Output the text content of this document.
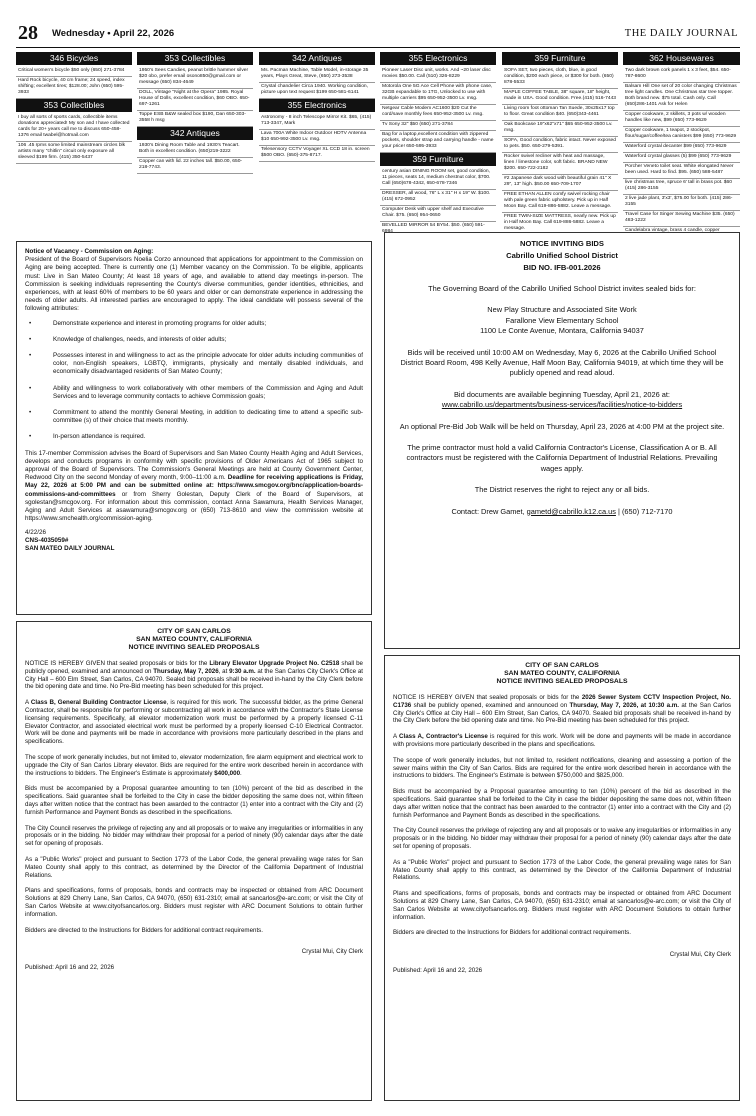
28 Wednesday • April 22, 2026	THE DAILY JOURNAL
346 Bicycles
Critical women's bicycle $50 only (650) 271-3784
Hard Rock bicycle, 40 cm frame; 24 speed, index shifting; excellent tires; $128.00; John (650) 595-3933
353 Collectibles
I buy all sorts of sports cards, collectible items donations appreciated! My son and I have collected cards for 20+ years call me to discuss 650-458-1376 email twabel@hotmail.com
106 .45 rpms some limited mainstream circles blk artists many "chitlin" circuit only exposure all sleeved $199 firm. (415) 350-5437
353 Collectibles
1950's Sees Candies, peanut brittle hammer silver $20 obo, prefer email osono850@gmail.com or message (650) 834-4649
DOLL, Vintage "Night at the Opera" 1985. Royal House of Dolls, excellent condition, $60 OBO. 650-697-1261
Toppe ESB B&W sealed box $190, Dan 650-303-3558 h msg
342 Antiques
1930's Dining Room Table and 1930's Teacart. Both in excellent condition. (650)219-3222
Copper can with lid. 22 inches tall. $50.00, 650-218-7743.
342 Antiques
Ms. Pacman Machine, Table Model, in-storage 35 years, Plays Great, Steve, (650) 273-3538
Crystal chandelier Circa 1940. Working condition, picture upon text request $199 650-581-6141
355 Electronics
Astronomy - 8 inch Telescope Mirror Kit. $65, (415) 713-3347, Mark
Lava 700A White Indoor Outdoor HDTV Antenna $10 650-992-3500 Lv. msg.
Telesensory CCTV Voyager XL CCD 18 in. screen $500 OBO. (650)-375-8717.
355 Electronics
Pioneer Laser Disc unit, works. And ~20 laser disc movies $50.00. Call (510) 326-8229
Motorola One 5G Ace Cell Phone with phone case, 32GB expandable to 1TG, Unlocked to use with multiple carriers $95 650-952-3500 Lv. msg.
Netgear Cable Modem AC1600 $20 Cut the cord/save monthly fees 650-952-3500 Lv. msg.
Tv Sony 32" $50 (650) 271-3784
Bag for a laptop,excellent condition with zippered pockets, shoulder strap and carrying handle - name your price! 650-595-3933
359 Furniture
century asian DINING ROOM set, good condition, 11 pieces, seats 14, medium chestnut color, $700. Call (650)678-4342, 650-678-7346
DRESSER, all wood, 76" L x 31" H x 19" W. $100. (415) 672-0952
Computer Desk with upper shelf and Executive Chair. $75. (650) 954-0650
BEVELLED MIRROR 54 BY54. $50. (650) 591-6984
359 Furniture
SOFA SET, two pieces, cloth, blue, in good condition, $200 each piece, or $300 for both. (650) 878-5533
MAPLE COFFEE TABLE, 38" square, 18" height, made in USA. Good condition. Free.(415) 516-7443
Living room foot ottoman Tan Suede, 30x25x17 top to floor. Great condition $40. (650)343-4461
Oak Bookcase 19"x62"x71" $65 650-952-3500 Lv. msg.
SOFA, Good condition, fabric intact. Never exposed to pets. $50. 650-279-5391.
Rocker swivel recliner with heat and massage, linen / limestone color, soft fabric. BRAND NEW $200. 650-722-2182
#2 Japanese dark wood with beautiful grain 41" X 29", 13" high. $50.00 650-709-1707
FREE ETHAN ALLEN comfy swivel rocking chair with pale green fabric upholstery. Pick up in Half Moon Bay. Call 619-886-5882. Leave a message.
FREE TWIN-SIZE MATTRESS, nearly new. Pick up in Half Moon Bay. Call 619-886-5882. Leave a message.
362 Housewares
Two dark brown cork panels 1 x 3 feet, $54. 650-787-8600
Balsam Hill One set of 20 color changing Christmas tree light candles. One Christmas star tree topper. Both brand new. $75 total. Cash only. Call (650)286-1401 Ask for Helen
Copper cookware, 2 skillets, 3 pots w/ wooden handles like new, $99 (650) 773-9629
Copper cookware, 1 teapot, 2 stockpot, flour/sugar/coffee/tea canisters $99 (650) 773-9629
Waterford crystal decanter $99 (650) 773-9629
Waterford crystal glasses (5) $99 (650) 773-9629
Porcher Veneto toilet seat. White elongated Never been used. Hard to find. $95. (650) 588-5487
live christmas tree, spruce 6' tall in brass pot. $60 (415) 286-3155
2 live jade plant, 3'x3', $75.00 for both. (415) 286-3155
Travel Case for Singer Sewing Machine $35. (650) 483-1222
Candelabra vintage, brass 4 candle, copper

Notice of Vacancy - Commission on Aging:
President of the Board of Supervisors Noelia Corzo announced that applications for appointment to the Commission on Aging are being accepted. There is currently one (1) Member vacancy on the Commission. To be eligible, applicants must: Live in San Mateo County; At least 18 years of age, and available to attend day meetings in-person. The Commission is seeking individuals representing the County's diverse communities, gender identities, ethnicities, and experiences, with at least 60% of members to be 60 years and older or can demonstrate experience in addressing the needs of older adults. All interested parties are encouraged to apply. The ideal candidate will possess several of the following attributes:

• Demonstrate experience and interest in promoting programs for older adults;
• Knowledge of challenges, needs, and interests of older adults;
• Possesses interest in and willingness to act as the principle advocate for older adults including communities of color, non-English speakers, LGBTQ, immigrants, physically and mentally disabled individuals, and economically disadvantaged residents of San Mateo County;
• Ability and willingness to work collaboratively with other members of the Commission and Aging and Adult Services and to leverage community contacts to achieve Commission goals;
• Commitment to attend the monthly General Meeting, in addition to dedicating time to attend a specific sub-committee (s) of their choice that meets monthly.
• In-person attendance is required.

This 17-member Commission advises the Board of Supervisors and San Mateo County Health Aging and Adult Services, develops and conducts programs in conformity with specific provisions of Older Americans Act of 1965 subject to approval of the Board of Supervisors. The Commission's General Meetings are held at County Government Center, Redwood City on the second Monday of every month, 9:00–11:00 a.m. Deadline for receiving applications is Friday, May 22, 2026 at 5:00 PM and can be submitted online at: https://www.smcgov.org/bnc/application-boards-commissions-and-committees or from Sherry Golestan, Deputy Clerk of the Board of Supervisors, at sgolestan@smcgov.org. For information about this commission, contact Anna Sawamura, Health Services Manager, Aging and Adult Services at asawamura@smcgov.org or (650) 713-8610 and view the commission website at https://www.smchealth.org/commission-aging.

4/22/26
CNS-4035059#
SAN MATEO DAILY JOURNAL
NOTICE INVITING BIDS
Cabrillo Unified School District
BID NO. IFB-001.2026

The Governing Board of the Cabrillo Unified School District invites sealed bids for:

New Play Structure and Associated Site Work
Farallone View Elementary School
1100 Le Conte Avenue, Montara, California 94037

Bids will be received until 10:00 AM on Wednesday, May 6, 2026 at the Cabrillo Unified School District Board Room, 498 Kelly Avenue, Half Moon Bay, California 94019, at which time they will be publicly opened and read aloud.

Bid documents are available beginning Tuesday, April 21, 2026 at:
www.cabrillo.us/departments/business-services/facilities/notice-to-bidders

An optional Pre-Bid Job Walk will be held on Thursday, April 23, 2026 at 4:00 PM at the project site.

The prime contractor must hold a valid California Contractor's License, Classification A or B. All contractors must be registered with the California Department of Industrial Relations. Prevailing wages apply.

The District reserves the right to reject any or all bids.

Contact: Drew Gamet, gametd@cabrillo.k12.ca.us | (650) 712-7170

CITY OF SAN CARLOS
SAN MATEO COUNTY, CALIFORNIA
NOTICE INVITING SEALED PROPOSALS

NOTICE IS HEREBY GIVEN that sealed proposals or bids for the Library Elevator Upgrade Project No. C2518 shall be publicly opened, examined and announced on Thursday, May 7, 2026, at 9:30 a.m. at the San Carlos City Clerk's Office at City Hall – 600 Elm Street, San Carlos, CA 94070. Sealed bid proposals shall be received in-hand by the City Clerk before the bid opening date and time. No Pre-Bid meeting has been scheduled for this project.

A Class B, General Building Contractor License, is required for this work. The successful bidder, as the prime General Contractor, shall be responsible for performing or subcontracting all work in accordance with the Contractor's State License licensing requirements. Specifically, all elevator modernization work must be performed by a properly licensed C-11 Elevator Contractor, and associated electrical work must be performed by a properly licensed C-10 Electrical Contractor. Work will be done and payments will be made in accordance with provisions more particularly described in the plans and specifications.

The scope of work generally includes, but not limited to, elevator modernization, fire alarm equipment and electrical work to upgrade the City of San Carlos Library elevator. Bids are required for the entire work described herein in accordance with the instructions to bidders. The Engineer's Estimate is approximately $400,000.

Bids must be accompanied by a Proposal guarantee amounting to ten (10%) percent of the bid as described in the specifications. Said guarantee shall be forfeited to the City in case the bidder depositing the same does not, within fifteen days after written notice that the contract has been awarded to the contractor (1) enter into a contract with the City and (2) furnish Performance and Payment Bonds as described in the specifications.

The City Council reserves the privilege of rejecting any and all proposals or to waive any irregularities or informalities in any proposals or in the bidding. No bidder may withdraw their proposal for a period of ninety (90) calendar days after the date set for opening of proposals.

As a "Public Works" project and pursuant to Section 1773 of the Labor Code, the general prevailing wage rates for San Mateo County shall apply to this contract, as determined by the Director of the California Department of Industrial Relations.

Plans and specifications, forms of proposals, bonds and contracts may be inspected or obtained from ARC Document Solutions at 829 Cherry Lane, San Carlos, CA 94070, (650) 631-2310; email at sancarlos@e-arc.com; or visit the City of San Carlos Website at www.cityofsancarlos.org. Bidders must register with ARC Document Solutions to obtain further information.

Bidders are directed to the Instructions for Bidders for additional contract requirements.

Crystal Mui, City Clerk
Published: April 16 and 22, 2026
CITY OF SAN CARLOS
SAN MATEO COUNTY, CALIFORNIA
NOTICE INVITING SEALED PROPOSALS

NOTICE IS HEREBY GIVEN that sealed proposals or bids for the 2026 Sewer System CCTV Inspection Project, No. C1736 shall be publicly opened, examined and announced on Thursday, May 7, 2026, at 10:30 a.m. at the San Carlos City Clerk's Office at City Hall – 600 Elm Street, San Carlos, CA 94070. Sealed bid proposals shall be received in-hand by the City Clerk before the bid opening date and time. No Pre-Bid meeting has been scheduled for this project.

A Class A, Contractor's License is required for this work. Work will be done and payments will be made in accordance with provisions more particularly described in the plans and specifications.

The scope of work generally includes, but not limited to, resident notifications, cleaning and assessing a portion of the sewer mains within the City of San Carlos. Bids are required for the entire work described herein in accordance with the instructions to bidders. The Engineer's Estimate is between $750,000 and $825,000.

Bids must be accompanied by a Proposal guarantee amounting to ten (10%) percent of the bid as described in the specifications. Said guarantee shall be forfeited to the City in case the bidder depositing the same does not, within fifteen days after written notice that the contract has been awarded to the contractor (1) enter into a contract with the City and (2) furnish Performance and Payment Bonds as described in the specifications.

The City Council reserves the privilege of rejecting any and all proposals or to waive any irregularities or informalities in any proposals or in the bidding. No bidder may withdraw their proposal for a period of ninety (90) calendar days after the date set for opening of proposals.

As a "Public Works" project and pursuant to Section 1773 of the Labor Code, the general prevailing wage rates for San Mateo County shall apply to this contract, as determined by the Director of the California Department of Industrial Relations.

Plans and specifications, forms of proposals, bonds and contracts may be inspected or obtained from ARC Document Solutions at 829 Cherry Lane, San Carlos, CA 94070, (650) 631-2310; email at sancarlos@e-arc.com; or visit the City of San Carlos Website at www.cityofsancarlos.org. Bidders must register with ARC Document Solutions to obtain further information.

Bidders are directed to the Instructions for Bidders for additional contract requirements.

Crystal Mui, City Clerk
Published: April 16 and 22, 2026
